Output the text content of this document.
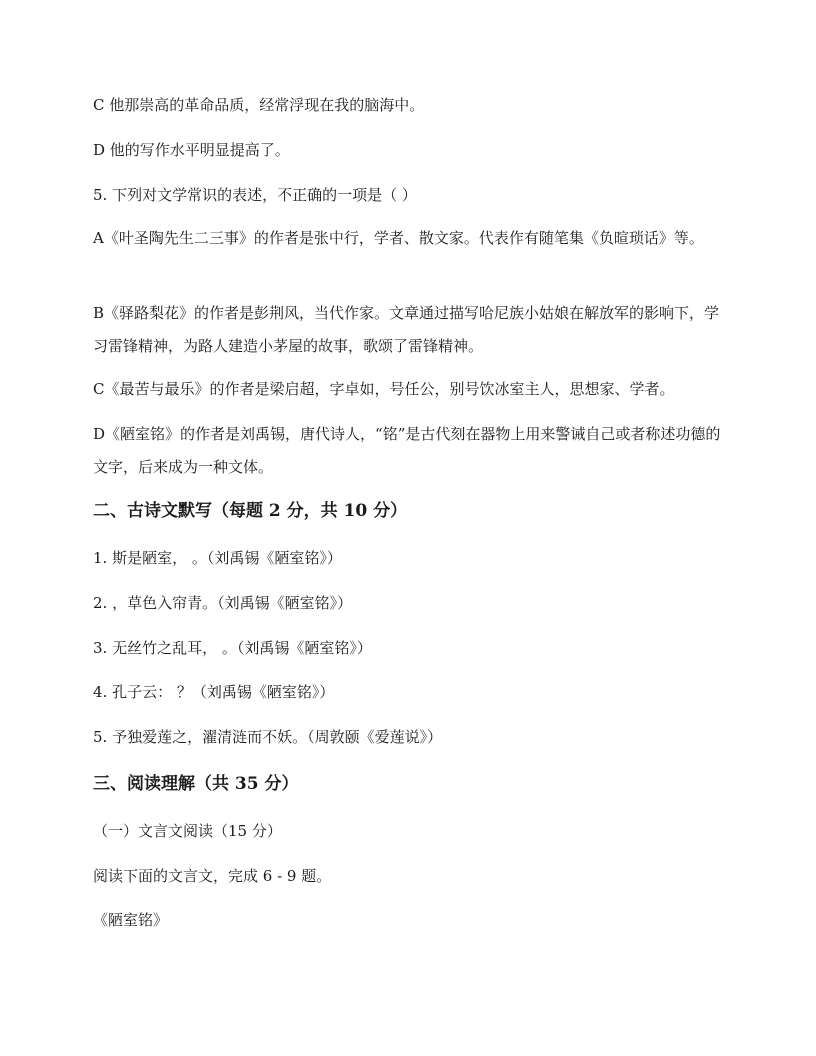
C 他那崇高的革命品质，经常浮现在我的脑海中。
D 他的写作水平明显提高了。
5. 下列对文学常识的表述，不正确的一项是（ ）
A《叶圣陶先生二三事》的作者是张中行，学者、散文家。代表作有随笔集《负暄琐话》等。
B《驿路梨花》的作者是彭荆风，当代作家。文章通过描写哈尼族小姑娘在解放军的影响下，学习雷锋精神，为路人建造小茅屋的故事，歌颂了雷锋精神。
C《最苦与最乐》的作者是梁启超，字卓如，号任公，别号饮冰室主人，思想家、学者。
D《陋室铭》的作者是刘禹锡，唐代诗人，“铭”是古代刻在器物上用来警诫自己或者称述功德的文字，后来成为一种文体。
二、古诗文默写（每题 2 分，共 10 分）
1. 斯是陋室， 。（刘禹锡《陋室铭》）
2. ，草色入帘青。（刘禹锡《陋室铭》）
3. 无丝竹之乱耳， 。（刘禹锡《陋室铭》）
4. 孔子云： ？（刘禹锡《陋室铭》）
5. 予独爱莲之，濯清涟而不妖。（周敦颐《爱莲说》）
三、阅读理解（共 35 分）
（一）文言文阅读（15 分）
阅读下面的文言文，完成 6 - 9 题。
《陋室铭》
